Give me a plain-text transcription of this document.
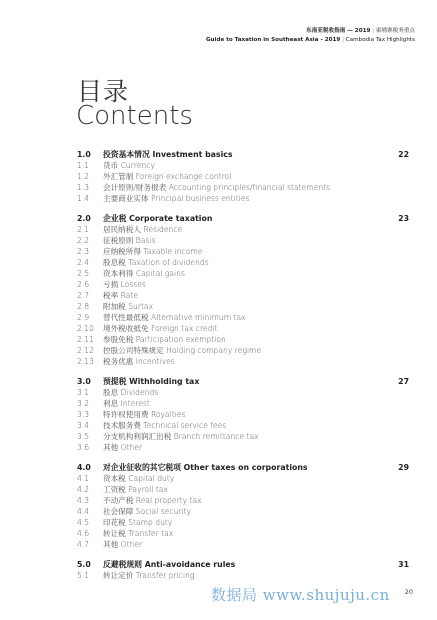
东南亚税收指南 — 2019 | 柬埔寨税务重点
Guide to Taxation in Southeast Asia - 2019 | Cambodia Tax Highlights
目录
Contents
1.0	投资基本情况 Investment basics	22
1.1	货币 Currency
1.2	外汇管制 Foreign exchange control
1.3	会计原则/财务报表 Accounting principles/financial statements
1.4	主要商业实体 Principal business entities
2.0	企业税 Corporate taxation	23
2.1	居民纳税人 Residence
2.2	征税原则 Basis
2.3	应纳税所得 Taxable income
2.4	股息税 Taxation of dividends
2.5	资本利得 Capital gains
2.6	亏损 Losses
2.7	税率 Rate
2.8	附加税 Surtax
2.9	替代性最低税 Alternative minimum tax
2.10	境外税收抵免 Foreign tax credit
2.11	参股免税 Participation exemption
2.12	控股公司特殊规定 Holding company regime
2.13	税务优惠 Incentives
3.0	预提税 Withholding tax	27
3.1	股息 Dividends
3.2	利息 Interest
3.3	特许权使用费 Royalties
3.4	技术服务费 Technical service fees
3.5	分支机构利润汇出税 Branch remittance tax
3.6	其他 Other
4.0	对企业征收的其它税项 Other taxes on corporations	29
4.1	资本税 Capital duty
4.2	工资税 Payroll tax
4.3	不动产税 Real property tax
4.4	社会保障 Social security
4.5	印花税 Stamp duty
4.6	转让税 Transfer tax
4.7	其他 Other
5.0	反避税规则 Anti-avoidance rules	31
5.1	转让定价 Transfer pricing
数据局 www.shujuju.cn 20
